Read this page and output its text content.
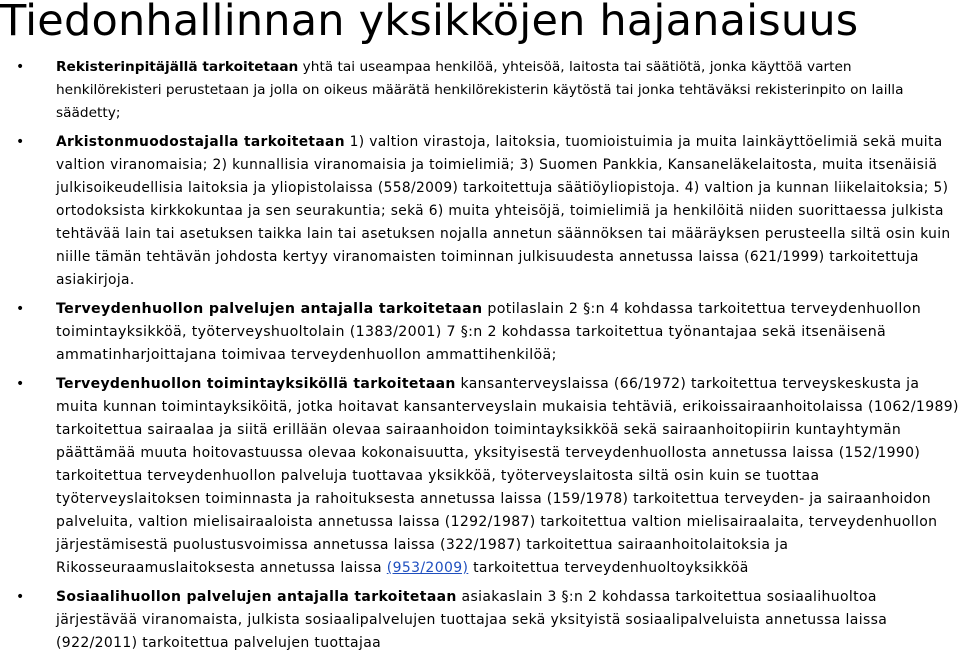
Tiedonhallinnan yksikköjen hajanaisuus
• Rekisterinpitäjällä tarkoitetaan yhtä tai useampaa henkilöä, yhteisöä, laitosta tai säätiötä, jonka käyttöä varten henkilörekisteri perustetaan ja jolla on oikeus määrätä henkilörekisterin käytöstä tai jonka tehtäväksi rekisterinpito on lailla säädetty;
• Arkistonmuodostajalla tarkoitetaan 1) valtion virastoja, laitoksia, tuomioistuimia ja muita lainkäyttöelimiä sekä muita valtion viranomaisia; 2) kunnallisia viranomaisia ja toimielimiä; 3) Suomen Pankkia, Kansaneläkelaitosta, muita itsenäisiä julkisoikeudellisia laitoksia ja yliopistolaissa (558/2009) tarkoitettuja säätiöyliopistoja. 4) valtion ja kunnan liikelaitoksia; 5) ortodoksista kirkkokuntaa ja sen seurakuntia; sekä 6) muita yhteisöjä, toimielimiä ja henkilöitä niiden suorittaessa julkista tehtävää lain tai asetuksen taikka lain tai asetuksen nojalla annetun säännöksen tai määräyksen perusteella siltä osin kuin niille tämän tehtävän johdosta kertyy viranomaisten toiminnan julkisuudesta annetussa laissa (621/1999) tarkoitettuja asiakirjoja.
• Terveydenhuollon palvelujen antajalla tarkoitetaan potilaslain 2 §:n 4 kohdassa tarkoitettua terveydenhuollon toimintayksikköä, työterveyshuoltolain (1383/2001) 7 §:n 2 kohdassa tarkoitettua työnantajaa sekä itsenäisenä ammatinharjoittajana toimivaa terveydenhuollon ammattihenkilöä;
• Terveydenhuollon toimintayksiköllä tarkoitetaan kansanterveyslaissa (66/1972) tarkoitettua terveyskeskusta ja muita kunnan toimintayksiköitä, jotka hoitavat kansanterveyslain mukaisia tehtäviä, erikoissairaanhoitolaissa (1062/1989) tarkoitettua sairaalaa ja siitä erillään olevaa sairaanhoidon toimintayksikköä sekä sairaanhoitopiirin kuntayhtymän päättämää muuta hoitovastuussa olevaa kokonaisuutta, yksityisestä terveydenhuollosta annetussa laissa (152/1990) tarkoitettua terveydenhuollon palveluja tuottavaa yksikköä, työterveyslaitosta siltä osin kuin se tuottaa työterveyslaitoksen toiminnasta ja rahoituksesta annetussa laissa (159/1978) tarkoitettua terveyden- ja sairaanhoidon palveluita, valtion mielisairaaloista annetussa laissa (1292/1987) tarkoitettua valtion mielisairaalaita, terveydenhuollon järjestämisestä puolustusvoimissa annetussa laissa (322/1987) tarkoitettua sairaanhoitolaitoksia ja Rikosseuraamuslaitoksesta annetussa laissa (953/2009) tarkoitettua terveydenhuoltoyksikköä
• Sosiaalihuollon palvelujen antajalla tarkoitetaan asiakaslain 3 §:n 2 kohdassa tarkoitettua sosiaalihuoltoa järjestävää viranomaista, julkista sosiaalipalvelujen tuottajaa sekä yksityistä sosiaalipalveluista annetussa laissa (922/2011) tarkoitettua palvelujen tuottajaa
